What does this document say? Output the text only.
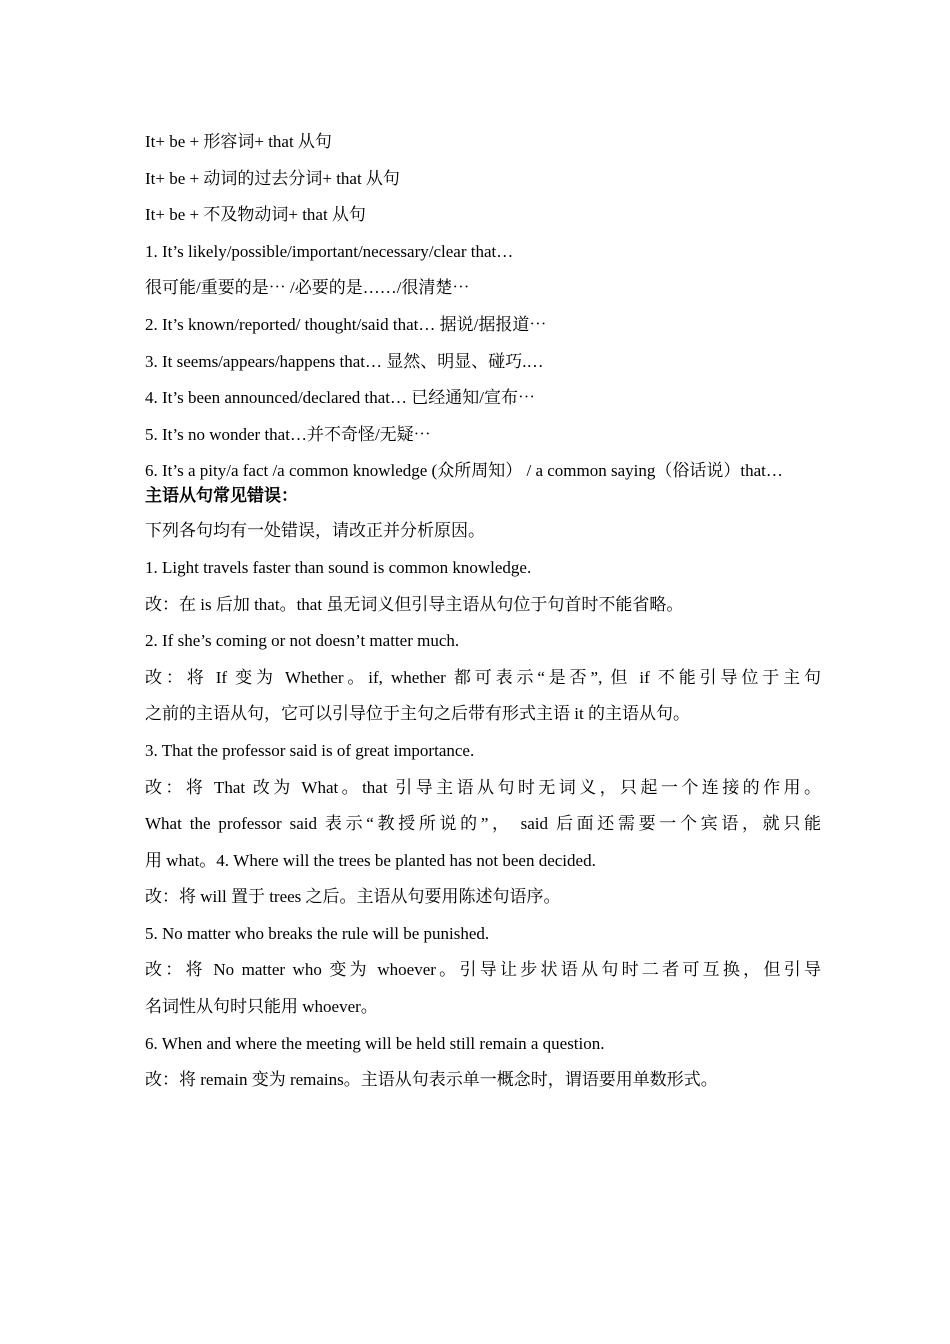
It+ be + 形容词+ that 从句
It+ be + 动词的过去分词+ that 从句
It+ be + 不及物动词+ that 从句
1. It’s likely/possible/important/necessary/clear that…
很可能/重要的是⋯ /必要的是……/很清楚⋯
2. It’s known/reported/ thought/said that… 据说/据报道⋯
3. It seems/appears/happens that… 显然、明显、碰巧.…
4. It’s been announced/declared that… 已经通知/宣布⋯
5. It’s no wonder that…并不奇怪/无疑⋯
6. It’s a pity/a fact /a common knowledge (众所周知） / a common saying（俗话说）that…
主语从句常见错误：
下列各句均有一处错误，请改正并分析原因。
1. Light travels faster than sound is common knowledge.
改：在 is 后加 that。that 虽无词义但引导主语从句位于句首时不能省略。
2. If she’s coming or not doesn’t matter much.
改：将 If 变为 Whether。if, whether 都可表示“是否”, 但 if 不能引导位于主句
之前的主语从句，它可以引导位于主句之后带有形式主语 it 的主语从句。
3. That the professor said is of great importance.
改：将 That 改为 What。that 引导主语从句时无词义，只起一个连接的作用。
What the professor said 表示“教授所说的”， said 后面还需要一个宾语，就只能
用 what。4. Where will the trees be planted has not been decided.
改：将 will 置于 trees 之后。主语从句要用陈述句语序。
5. No matter who breaks the rule will be punished.
改：将 No matter who 变为 whoever。引导让步状语从句时二者可互换，但引导
名词性从句时只能用 whoever。
6. When and where the meeting will be held still remain a question.
改：将 remain 变为 remains。主语从句表示单一概念时，谓语要用单数形式。
